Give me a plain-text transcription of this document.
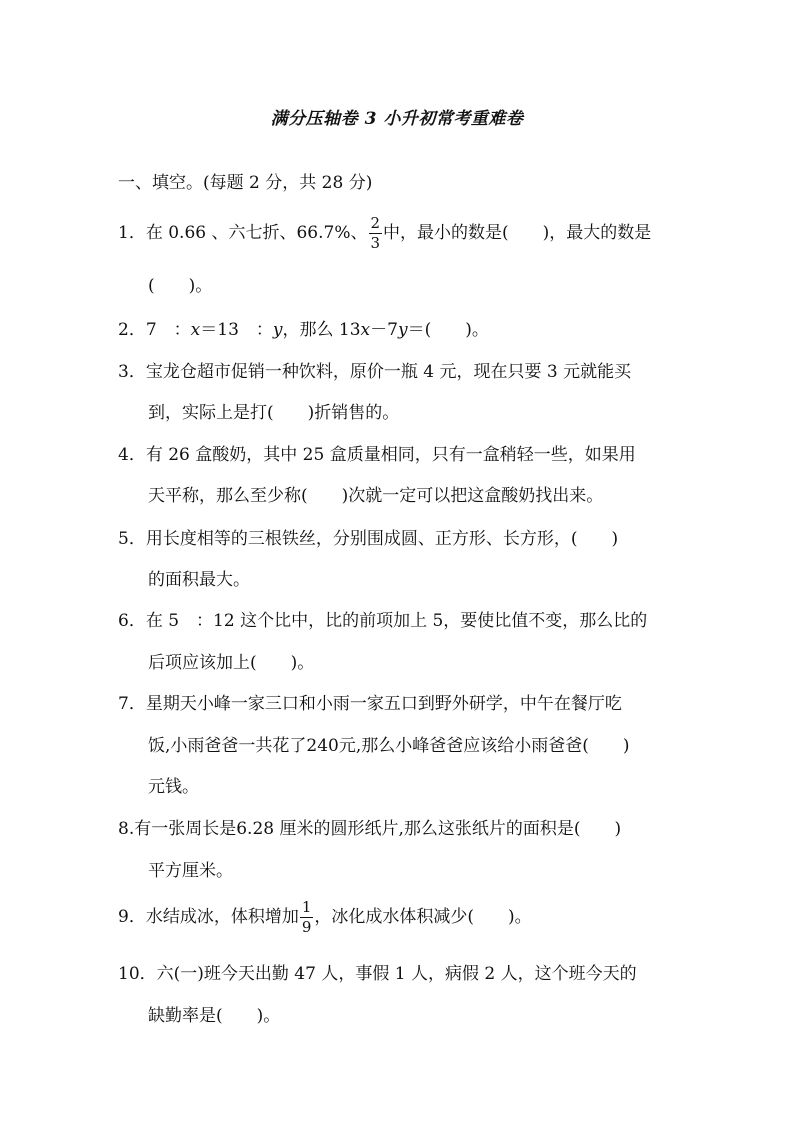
满分压轴卷 3 小升初常考重难卷
一、填空。(每题 2 分，共 28 分)
1．在 0.66 、六七折、66.7%、 $\frac{2}{3}$ 中，最小的数是(　　)，最大的数是
(　　)。
2．7　：x＝13　：y，那么 13x－7y＝(　　)。
3．宝龙仓超市促销一种饮料，原价一瓶 4 元，现在只要 3 元就能买
到，实际上是打(　　)折销售的。
4．有 26 盒酸奶，其中 25 盒质量相同，只有一盒稍轻一些，如果用
天平称，那么至少称(　　)次就一定可以把这盒酸奶找出来。
5．用长度相等的三根铁丝，分别围成圆、正方形、长方形，(　　)
的面积最大。
6．在 5　：12 这个比中，比的前项加上 5，要使比值不变，那么比的
后项应该加上(　　)。
7．星期天小峰一家三口和小雨一家五口到野外研学，中午在餐厅吃
饭,小雨爸爸一共花了240元,那么小峰爸爸应该给小雨爸爸(　　)
元钱。
8.有一张周长是6.28 厘米的圆形纸片,那么这张纸片的面积是(　　)
平方厘米。
9．水结成冰，体积增加 $\frac{1}{9}$ ，冰化成水体积减少(　　)。
10．六(一)班今天出勤 47 人，事假 1 人，病假 2 人，这个班今天的
缺勤率是(　　)。
